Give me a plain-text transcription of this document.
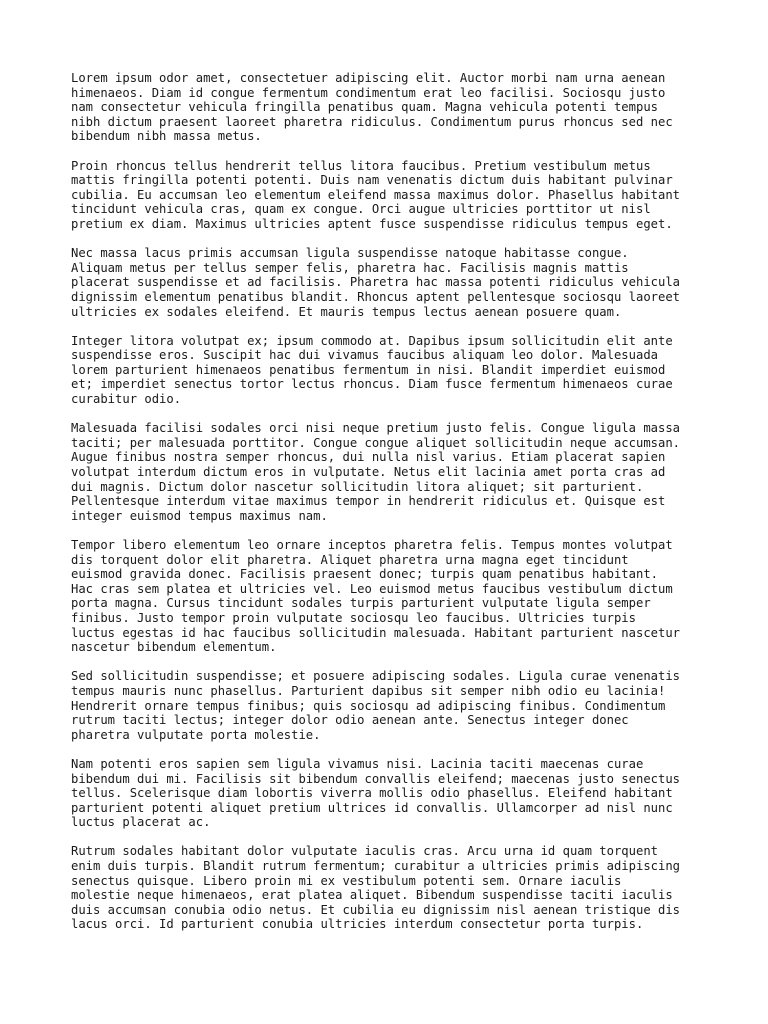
Lorem ipsum odor amet, consectetuer adipiscing elit. Auctor morbi nam urna aenean
himenaeos. Diam id congue fermentum condimentum erat leo facilisi. Sociosqu justo
nam consectetur vehicula fringilla penatibus quam. Magna vehicula potenti tempus
nibh dictum praesent laoreet pharetra ridiculus. Condimentum purus rhoncus sed nec
bibendum nibh massa metus.

Proin rhoncus tellus hendrerit tellus litora faucibus. Pretium vestibulum metus
mattis fringilla potenti potenti. Duis nam venenatis dictum duis habitant pulvinar
cubilia. Eu accumsan leo elementum eleifend massa maximus dolor. Phasellus habitant
tincidunt vehicula cras, quam ex congue. Orci augue ultricies porttitor ut nisl
pretium ex diam. Maximus ultricies aptent fusce suspendisse ridiculus tempus eget.

Nec massa lacus primis accumsan ligula suspendisse natoque habitasse congue.
Aliquam metus per tellus semper felis, pharetra hac. Facilisis magnis mattis
placerat suspendisse et ad facilisis. Pharetra hac massa potenti ridiculus vehicula
dignissim elementum penatibus blandit. Rhoncus aptent pellentesque sociosqu laoreet
ultricies ex sodales eleifend. Et mauris tempus lectus aenean posuere quam.

Integer litora volutpat ex; ipsum commodo at. Dapibus ipsum sollicitudin elit ante
suspendisse eros. Suscipit hac dui vivamus faucibus aliquam leo dolor. Malesuada
lorem parturient himenaeos penatibus fermentum in nisi. Blandit imperdiet euismod
et; imperdiet senectus tortor lectus rhoncus. Diam fusce fermentum himenaeos curae
curabitur odio.

Malesuada facilisi sodales orci nisi neque pretium justo felis. Congue ligula massa
taciti; per malesuada porttitor. Congue congue aliquet sollicitudin neque accumsan.
Augue finibus nostra semper rhoncus, dui nulla nisl varius. Etiam placerat sapien
volutpat interdum dictum eros in vulputate. Netus elit lacinia amet porta cras ad
dui magnis. Dictum dolor nascetur sollicitudin litora aliquet; sit parturient.
Pellentesque interdum vitae maximus tempor in hendrerit ridiculus et. Quisque est
integer euismod tempus maximus nam.

Tempor libero elementum leo ornare inceptos pharetra felis. Tempus montes volutpat
dis torquent dolor elit pharetra. Aliquet pharetra urna magna eget tincidunt
euismod gravida donec. Facilisis praesent donec; turpis quam penatibus habitant.
Hac cras sem platea et ultricies vel. Leo euismod metus faucibus vestibulum dictum
porta magna. Cursus tincidunt sodales turpis parturient vulputate ligula semper
finibus. Justo tempor proin vulputate sociosqu leo faucibus. Ultricies turpis
luctus egestas id hac faucibus sollicitudin malesuada. Habitant parturient nascetur
nascetur bibendum elementum.

Sed sollicitudin suspendisse; et posuere adipiscing sodales. Ligula curae venenatis
tempus mauris nunc phasellus. Parturient dapibus sit semper nibh odio eu lacinia!
Hendrerit ornare tempus finibus; quis sociosqu ad adipiscing finibus. Condimentum
rutrum taciti lectus; integer dolor odio aenean ante. Senectus integer donec
pharetra vulputate porta molestie.

Nam potenti eros sapien sem ligula vivamus nisi. Lacinia taciti maecenas curae
bibendum dui mi. Facilisis sit bibendum convallis eleifend; maecenas justo senectus
tellus. Scelerisque diam lobortis viverra mollis odio phasellus. Eleifend habitant
parturient potenti aliquet pretium ultrices id convallis. Ullamcorper ad nisl nunc
luctus placerat ac.

Rutrum sodales habitant dolor vulputate iaculis cras. Arcu urna id quam torquent
enim duis turpis. Blandit rutrum fermentum; curabitur a ultricies primis adipiscing
senectus quisque. Libero proin mi ex vestibulum potenti sem. Ornare iaculis
molestie neque himenaeos, erat platea aliquet. Bibendum suspendisse taciti iaculis
duis accumsan conubia odio netus. Et cubilia eu dignissim nisl aenean tristique dis
lacus orci. Id parturient conubia ultricies interdum consectetur porta turpis.
